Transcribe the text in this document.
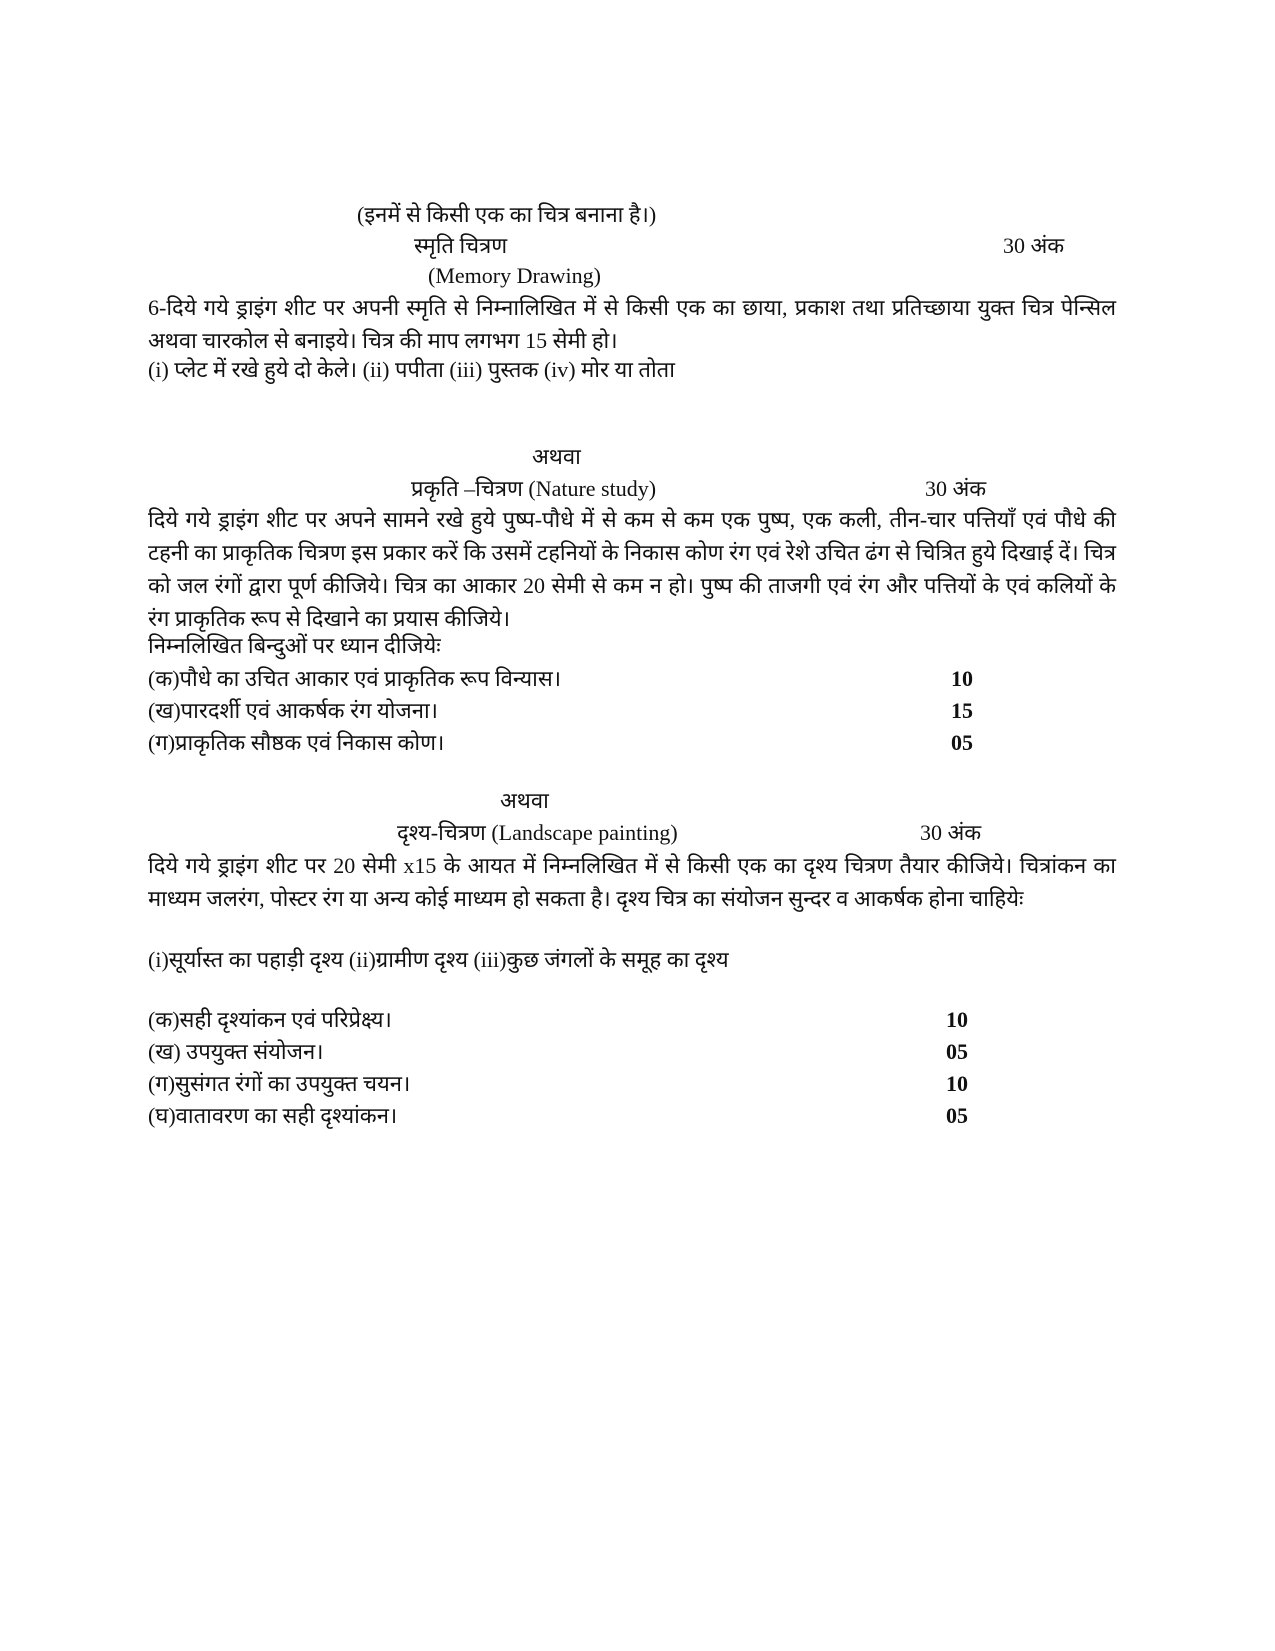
(इनमें से किसी एक का चित्र बनाना है।)
स्मृति चित्रण	30 अंक
(Memory Drawing)
6-दिये गये ड्राइंग शीट पर अपनी स्मृति से निम्नालिखित में से किसी एक का छाया, प्रकाश तथा प्रतिच्छाया युक्त चित्र पेन्सिल अथवा चारकोल से बनाइये। चित्र की माप लगभग 15 सेमी हो।
(i) प्लेट में रखे हुये दो केले। (ii) पपीता (iii) पुस्तक (iv) मोर या तोता
अथवा
प्रकृति –चित्रण (Nature study)	30 अंक
दिये गये ड्राइंग शीट पर अपने सामने रखे हुये पुष्प-पौधे में से कम से कम एक पुष्प, एक कली, तीन-चार पत्तियाँ एवं पौधे की टहनी का प्राकृतिक चित्रण इस प्रकार करें कि उसमें टहनियों के निकास कोण रंग एवं रेशे उचित ढंग से चित्रित हुये दिखाई दें। चित्र को जल रंगों द्वारा पूर्ण कीजिये। चित्र का आकार 20 सेमी से कम न हो। पुष्प की ताजगी एवं रंग और पत्तियों के एवं कलियों के रंग प्राकृतिक रूप से दिखाने का प्रयास कीजिये।
निम्नलिखित बिन्दुओं पर ध्यान दीजियेः
(क)पौधे का उचित आकार एवं प्राकृतिक रूप विन्यास।	10
(ख)पारदर्शी एवं आकर्षक रंग योजना।	15
(ग)प्राकृतिक सौष्ठक एवं निकास कोण।	05
अथवा
दृश्य-चित्रण (Landscape painting)	30 अंक
दिये गये ड्राइंग शीट पर 20 सेमी x15 के आयत में निम्नलिखित में से किसी एक का दृश्य चित्रण तैयार कीजिये। चित्रांकन का माध्यम जलरंग, पोस्टर रंग या अन्य कोई माध्यम हो सकता है। दृश्य चित्र का संयोजन सुन्दर व आकर्षक होना चाहियेः
(i)सूर्यास्त का पहाड़ी दृश्य (ii)ग्रामीण दृश्य (iii)कुछ जंगलों के समूह का दृश्य
(क)सही दृश्यांकन एवं परिप्रेक्ष्य।	10
(ख) उपयुक्त संयोजन।	05
(ग)सुसंगत रंगों का उपयुक्त चयन।	10
(घ)वातावरण का सही दृश्यांकन।	05
